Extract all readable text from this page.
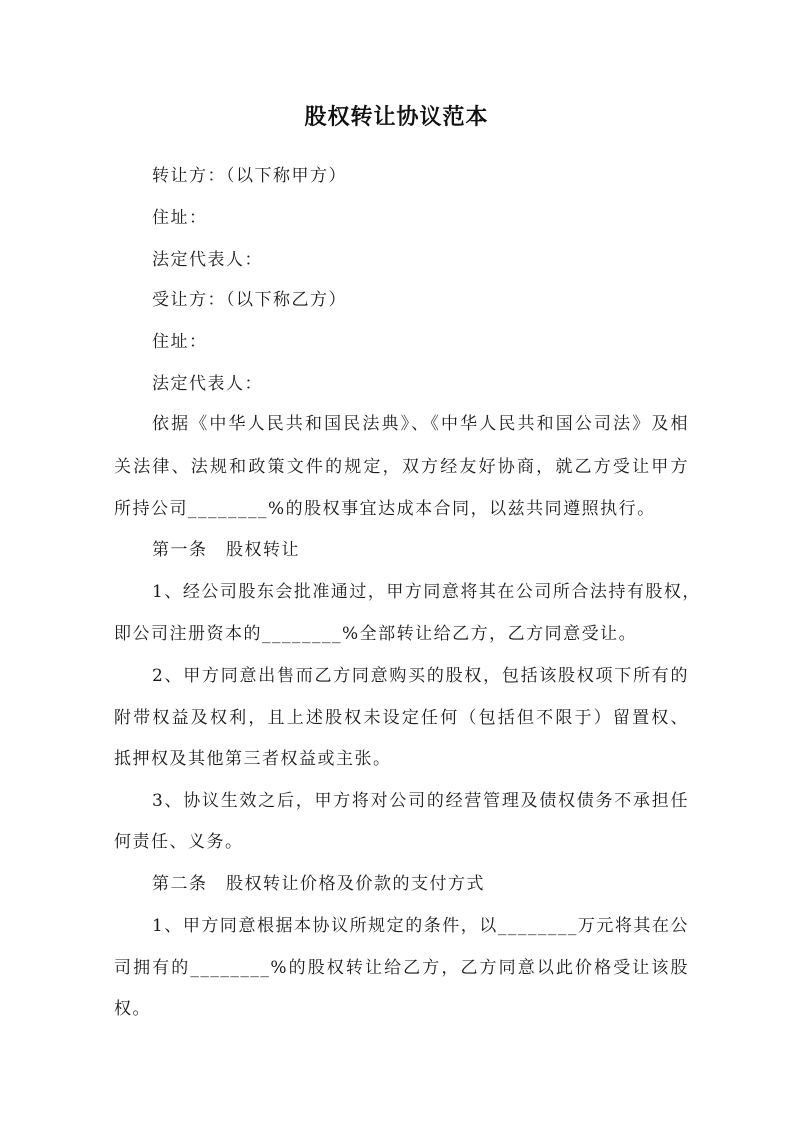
股权转让协议范本

转让方：（以下称甲方）

住址：

法定代表人：

受让方：（以下称乙方）

住址：

法定代表人：

依据《中华人民共和国民法典》、《中华人民共和国公司法》及相

关法律、法规和政策文件的规定，双方经友好协商，就乙方受让甲方

所持公司________%的股权事宜达成本合同，以兹共同遵照执行。

第一条　股权转让

1、经公司股东会批准通过，甲方同意将其在公司所合法持有股权，

即公司注册资本的________%全部转让给乙方，乙方同意受让。

2、甲方同意出售而乙方同意购买的股权，包括该股权项下所有的

附带权益及权利，且上述股权未设定任何（包括但不限于）留置权、

抵押权及其他第三者权益或主张。

3、协议生效之后，甲方将对公司的经营管理及债权债务不承担任

何责任、义务。

第二条　股权转让价格及价款的支付方式

1、甲方同意根据本协议所规定的条件，以________万元将其在公

司拥有的________%的股权转让给乙方，乙方同意以此价格受让该股

权。
